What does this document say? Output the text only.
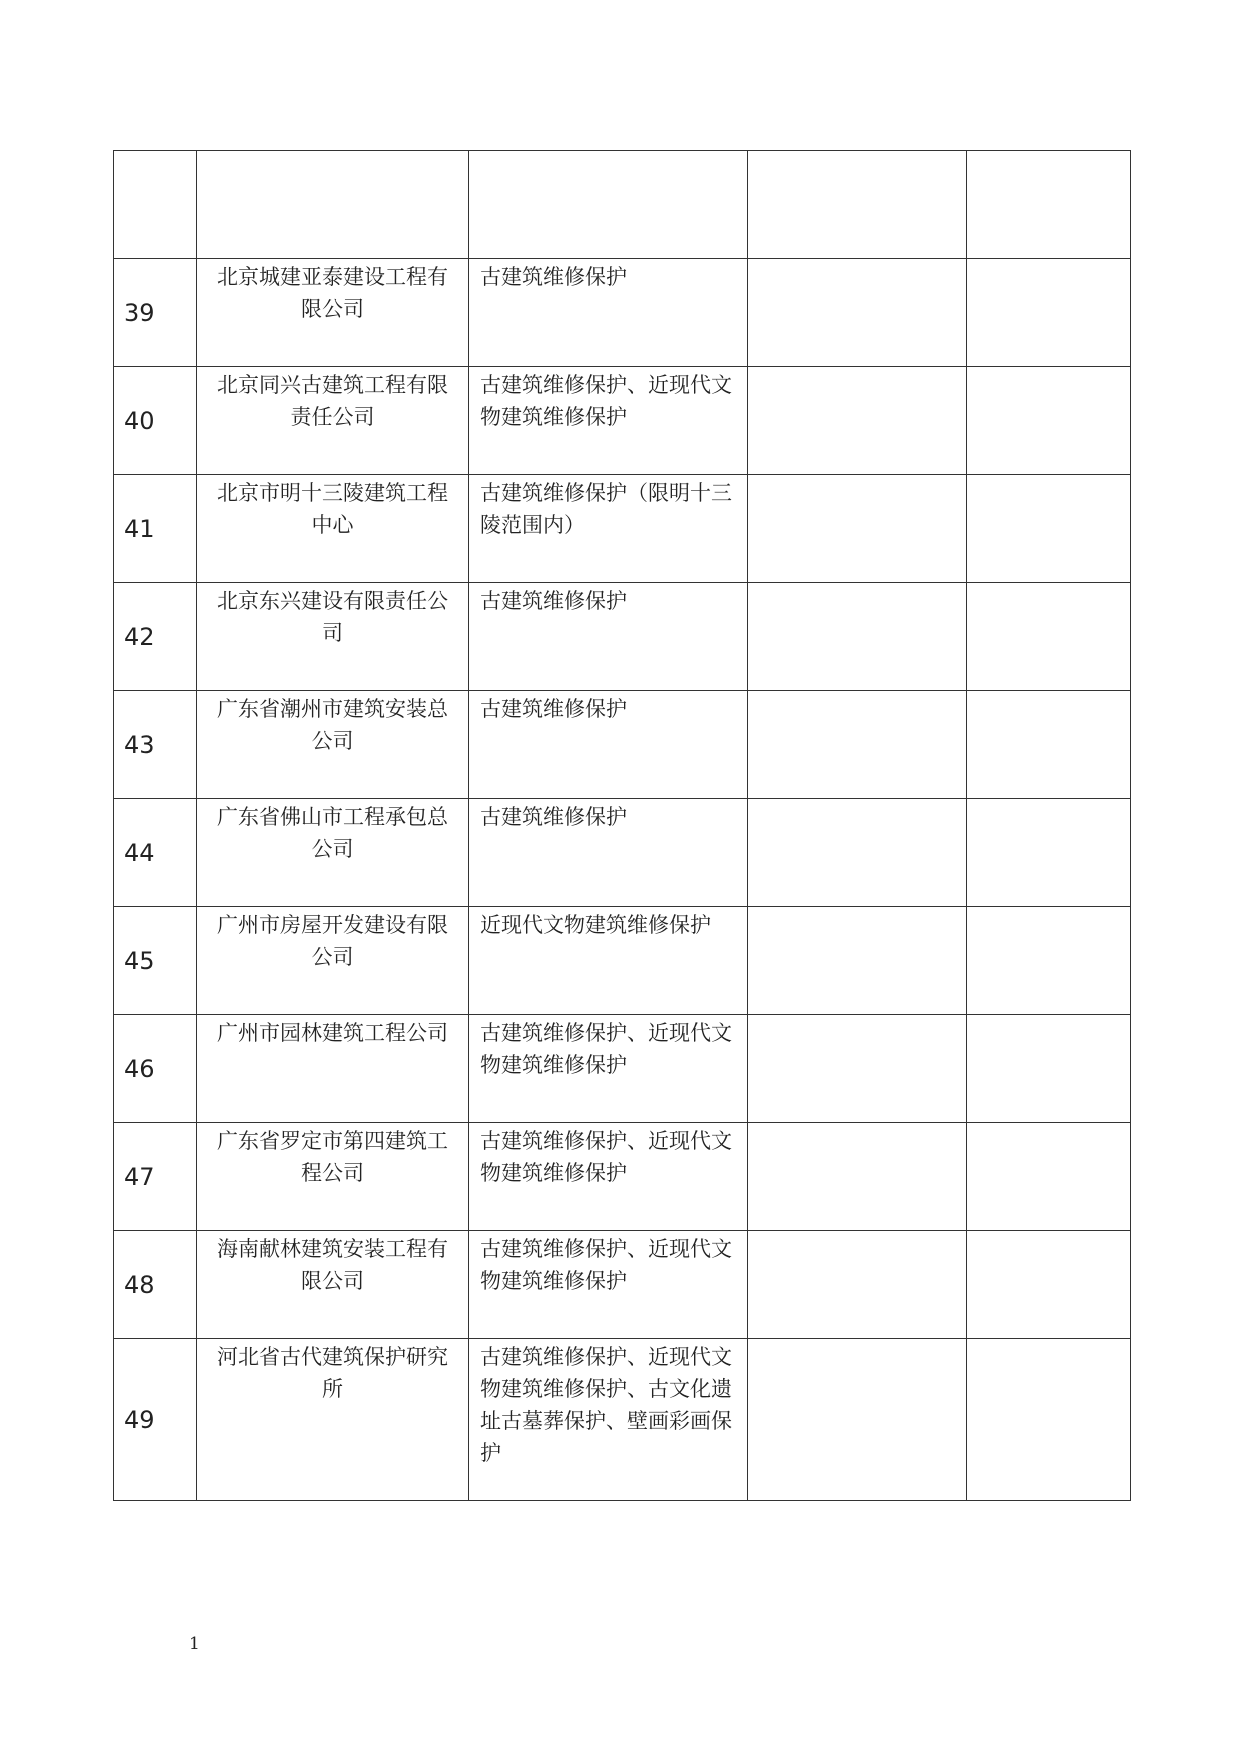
39	北京城建亚泰建设工程有限公司	古建筑维修保护		

40	北京同兴古建筑工程有限责任公司	古建筑维修保护、近现代文物建筑维修保护		

41	北京市明十三陵建筑工程中心	古建筑维修保护（限明十三陵范围内）		

42	北京东兴建设有限责任公司	古建筑维修保护		

43	广东省潮州市建筑安装总公司	古建筑维修保护		

44	广东省佛山市工程承包总公司	古建筑维修保护		

45	广州市房屋开发建设有限公司	近现代文物建筑维修保护		

46	广州市园林建筑工程公司	古建筑维修保护、近现代文物建筑维修保护		

47	广东省罗定市第四建筑工程公司	古建筑维修保护、近现代文物建筑维修保护		

48	海南献林建筑安装工程有限公司	古建筑维修保护、近现代文物建筑维修保护		

49	河北省古代建筑保护研究所	古建筑维修保护、近现代文物建筑维修保护、古文化遗址古墓葬保护、壁画彩画保护		

1
